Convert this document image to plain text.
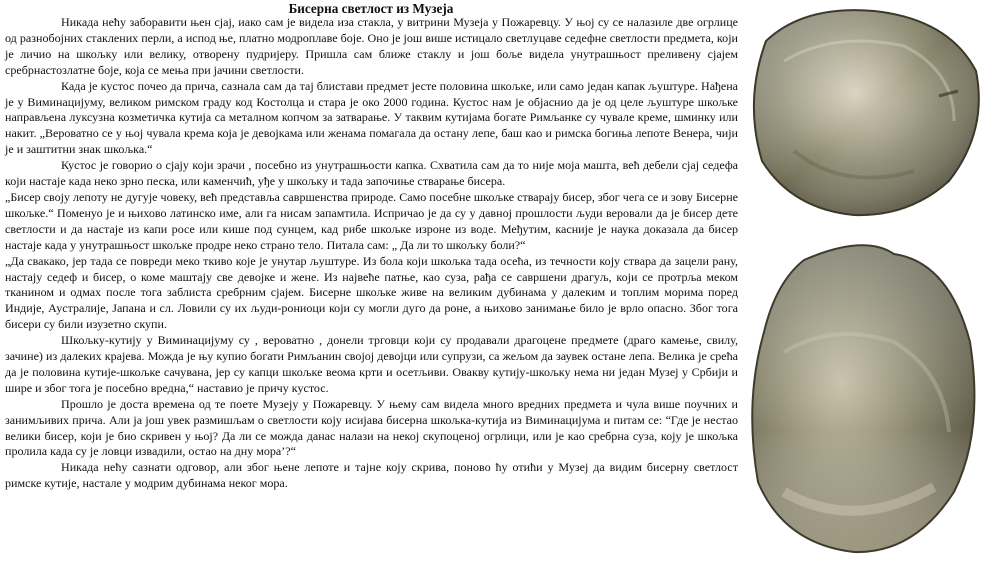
Бисерна светлост из Музеја

Никада нећу заборавити њен сјај, иако сам је видела иза стакла, у витрини Музеја у Пожаревцу. У њој су се налазиле две огрлице од разнобојних стаклених перли, а испод ње, платно модроплаве боје. Оно је још више истицало светлуцаве седефне светлости предмета, који је личио на шкољку или велику, отворену пудријеру. Пришла сам ближе стаклу и још боље видела унутрашњост преливену сјајем сребрнастозлатне боје, која се мења при јачини светлости.

Када је кустос почео да прича, сазнала сам да тај блистави предмет јесте половина шкољке, или само један капак љуштуре. Нађена је у Виминацијуму, великом римском граду код Костолца и стара је око 2000 година. Кустос нам је објаснио да је од целе љуштуре шкољке направљена луксузна козметичка кутија са металном копчом за затварање. У таквим кутијама богате Римљанке су чувале креме, шминку или накит. „Вероватно се у њој чувала крема која је девојкама или женама помагала да остану лепе, баш као и римска богиња лепоте Венера, чији је и заштитни знак шкољка.“

Кустос је говорио о сјају који зрачи , посебно из унутрашњости капка. Схватила сам да то није моја машта, већ дебели сјај седефа који настаје када неко зрно песка, или каменчић, уђе у шкољку и тада започиње стварање бисера.

„Бисер своју лепоту не дугује човеку, већ представља савршенства природе. Само посебне шкољке стварају бисер, због чега се и зову Бисерне шкољке.“ Поменуо је и њихово латинско име, али га нисам запамтила. Испричао је да су у давној прошлости људи веровали да је бисер дете светлости и да настаје из капи росе или кише под сунцем, кад рибе шкољке изроне из воде. Међутим, касније је наука доказала да бисер настаје када у унутрашњост шкољке продре неко страно тело. Питала сам: „ Да ли то шкољку боли?“

„Да свакако, јер тада се повреди меко ткиво које је унутар љуштуре. Из бола који шкољка тада осећа, из течности коју ствара да зацели рану, настају седеф и бисер, о коме маштају све девојке и жене. Из највеће патње, као суза, рађа се савршени драгуљ, који се протрља меком тканином и одмах после тога заблиста сребрним сјајем. Бисерне шкољке живе на великим дубинама у далеким и топлим морима поред Индије, Аустралије, Јапана и сл. Ловили су их људи-рониоци који су могли дуго да роне, а њихово занимање било је врло опасно. Због тога бисери су били изузетно скупи.

Шкољку-кутију у Виминацијуму су , вероватно , донели трговци који су продавали драгоцене предмете (драго камење, свилу, зачине) из далеких крајева. Можда је њу купио богати Римљанин својој девојци или супрузи, са жељом да заувек остане лепа. Велика је срећа да је половина кутије-шкољке сачувана, јер су капци шкољке веома крти и осетљиви. Овакву кутију-шкољку нема ни један Музеј у Србији и шире и због тога је посебно вредна,“ наставио је причу кустос.

Прошло је доста времена од те поете Музеју у Пожаревцу. У њему сам видела много вредних предмета и чула више поучних и занимљивих прича. Али ја још увек размишљам о светлости коју исијава бисерна шкољка-кутија из Виминацијума и питам се: “Где је нестао велики бисер, који је био скривен у њој? Да ли се можда данас налази на некој скупоценој огрлици, или је као сребрна суза, коју је шкољка пролила када су је ловци извадили, остао на дну мора’?“

Никада нећу сазнати одговор, али због њене лепоте и тајне коју скрива, поново ћу отићи у Музеј да видим бисерну светлост римске кутије, настале у модрим дубинама неког мора.
